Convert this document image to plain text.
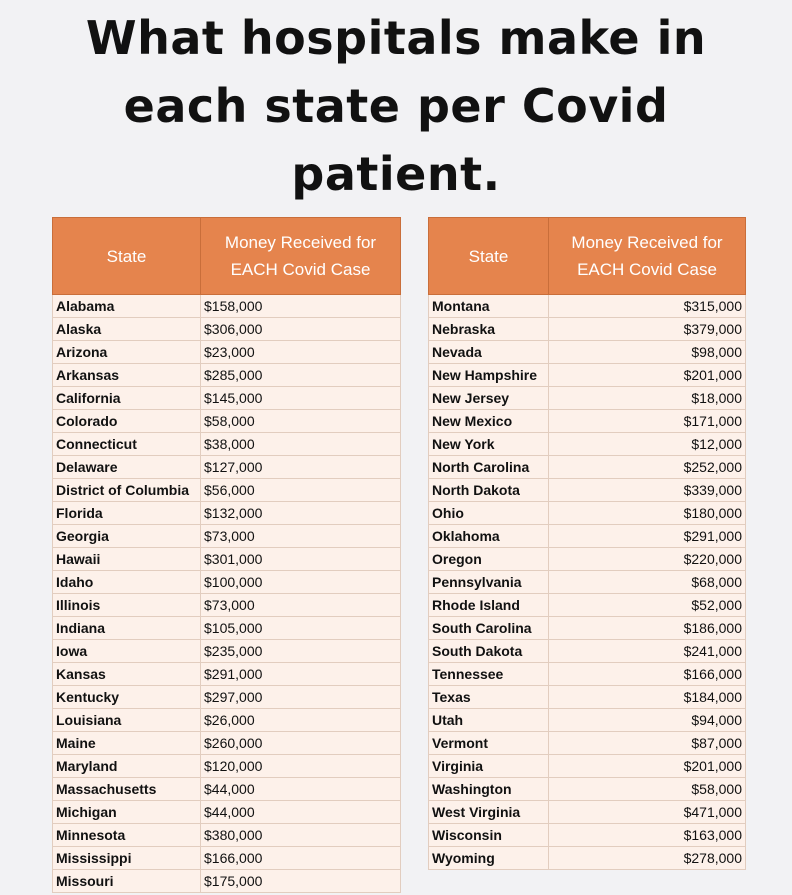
What hospitals make in
each state per Covid
patient.
State	Money Received for
EACH Covid Case
Alabama	$158,000
Alaska	$306,000
Arizona	$23,000
Arkansas	$285,000
California	$145,000
Colorado	$58,000
Connecticut	$38,000
Delaware	$127,000
District of Columbia	$56,000
Florida	$132,000
Georgia	$73,000
Hawaii	$301,000
Idaho	$100,000
Illinois	$73,000
Indiana	$105,000
Iowa	$235,000
Kansas	$291,000
Kentucky	$297,000
Louisiana	$26,000
Maine	$260,000
Maryland	$120,000
Massachusetts	$44,000
Michigan	$44,000
Minnesota	$380,000
Mississippi	$166,000
Missouri	$175,000
State	Money Received for
EACH Covid Case
Montana	$315,000
Nebraska	$379,000
Nevada	$98,000
New Hampshire	$201,000
New Jersey	$18,000
New Mexico	$171,000
New York	$12,000
North Carolina	$252,000
North Dakota	$339,000
Ohio	$180,000
Oklahoma	$291,000
Oregon	$220,000
Pennsylvania	$68,000
Rhode Island	$52,000
South Carolina	$186,000
South Dakota	$241,000
Tennessee	$166,000
Texas	$184,000
Utah	$94,000
Vermont	$87,000
Virginia	$201,000
Washington	$58,000
West Virginia	$471,000
Wisconsin	$163,000
Wyoming	$278,000
